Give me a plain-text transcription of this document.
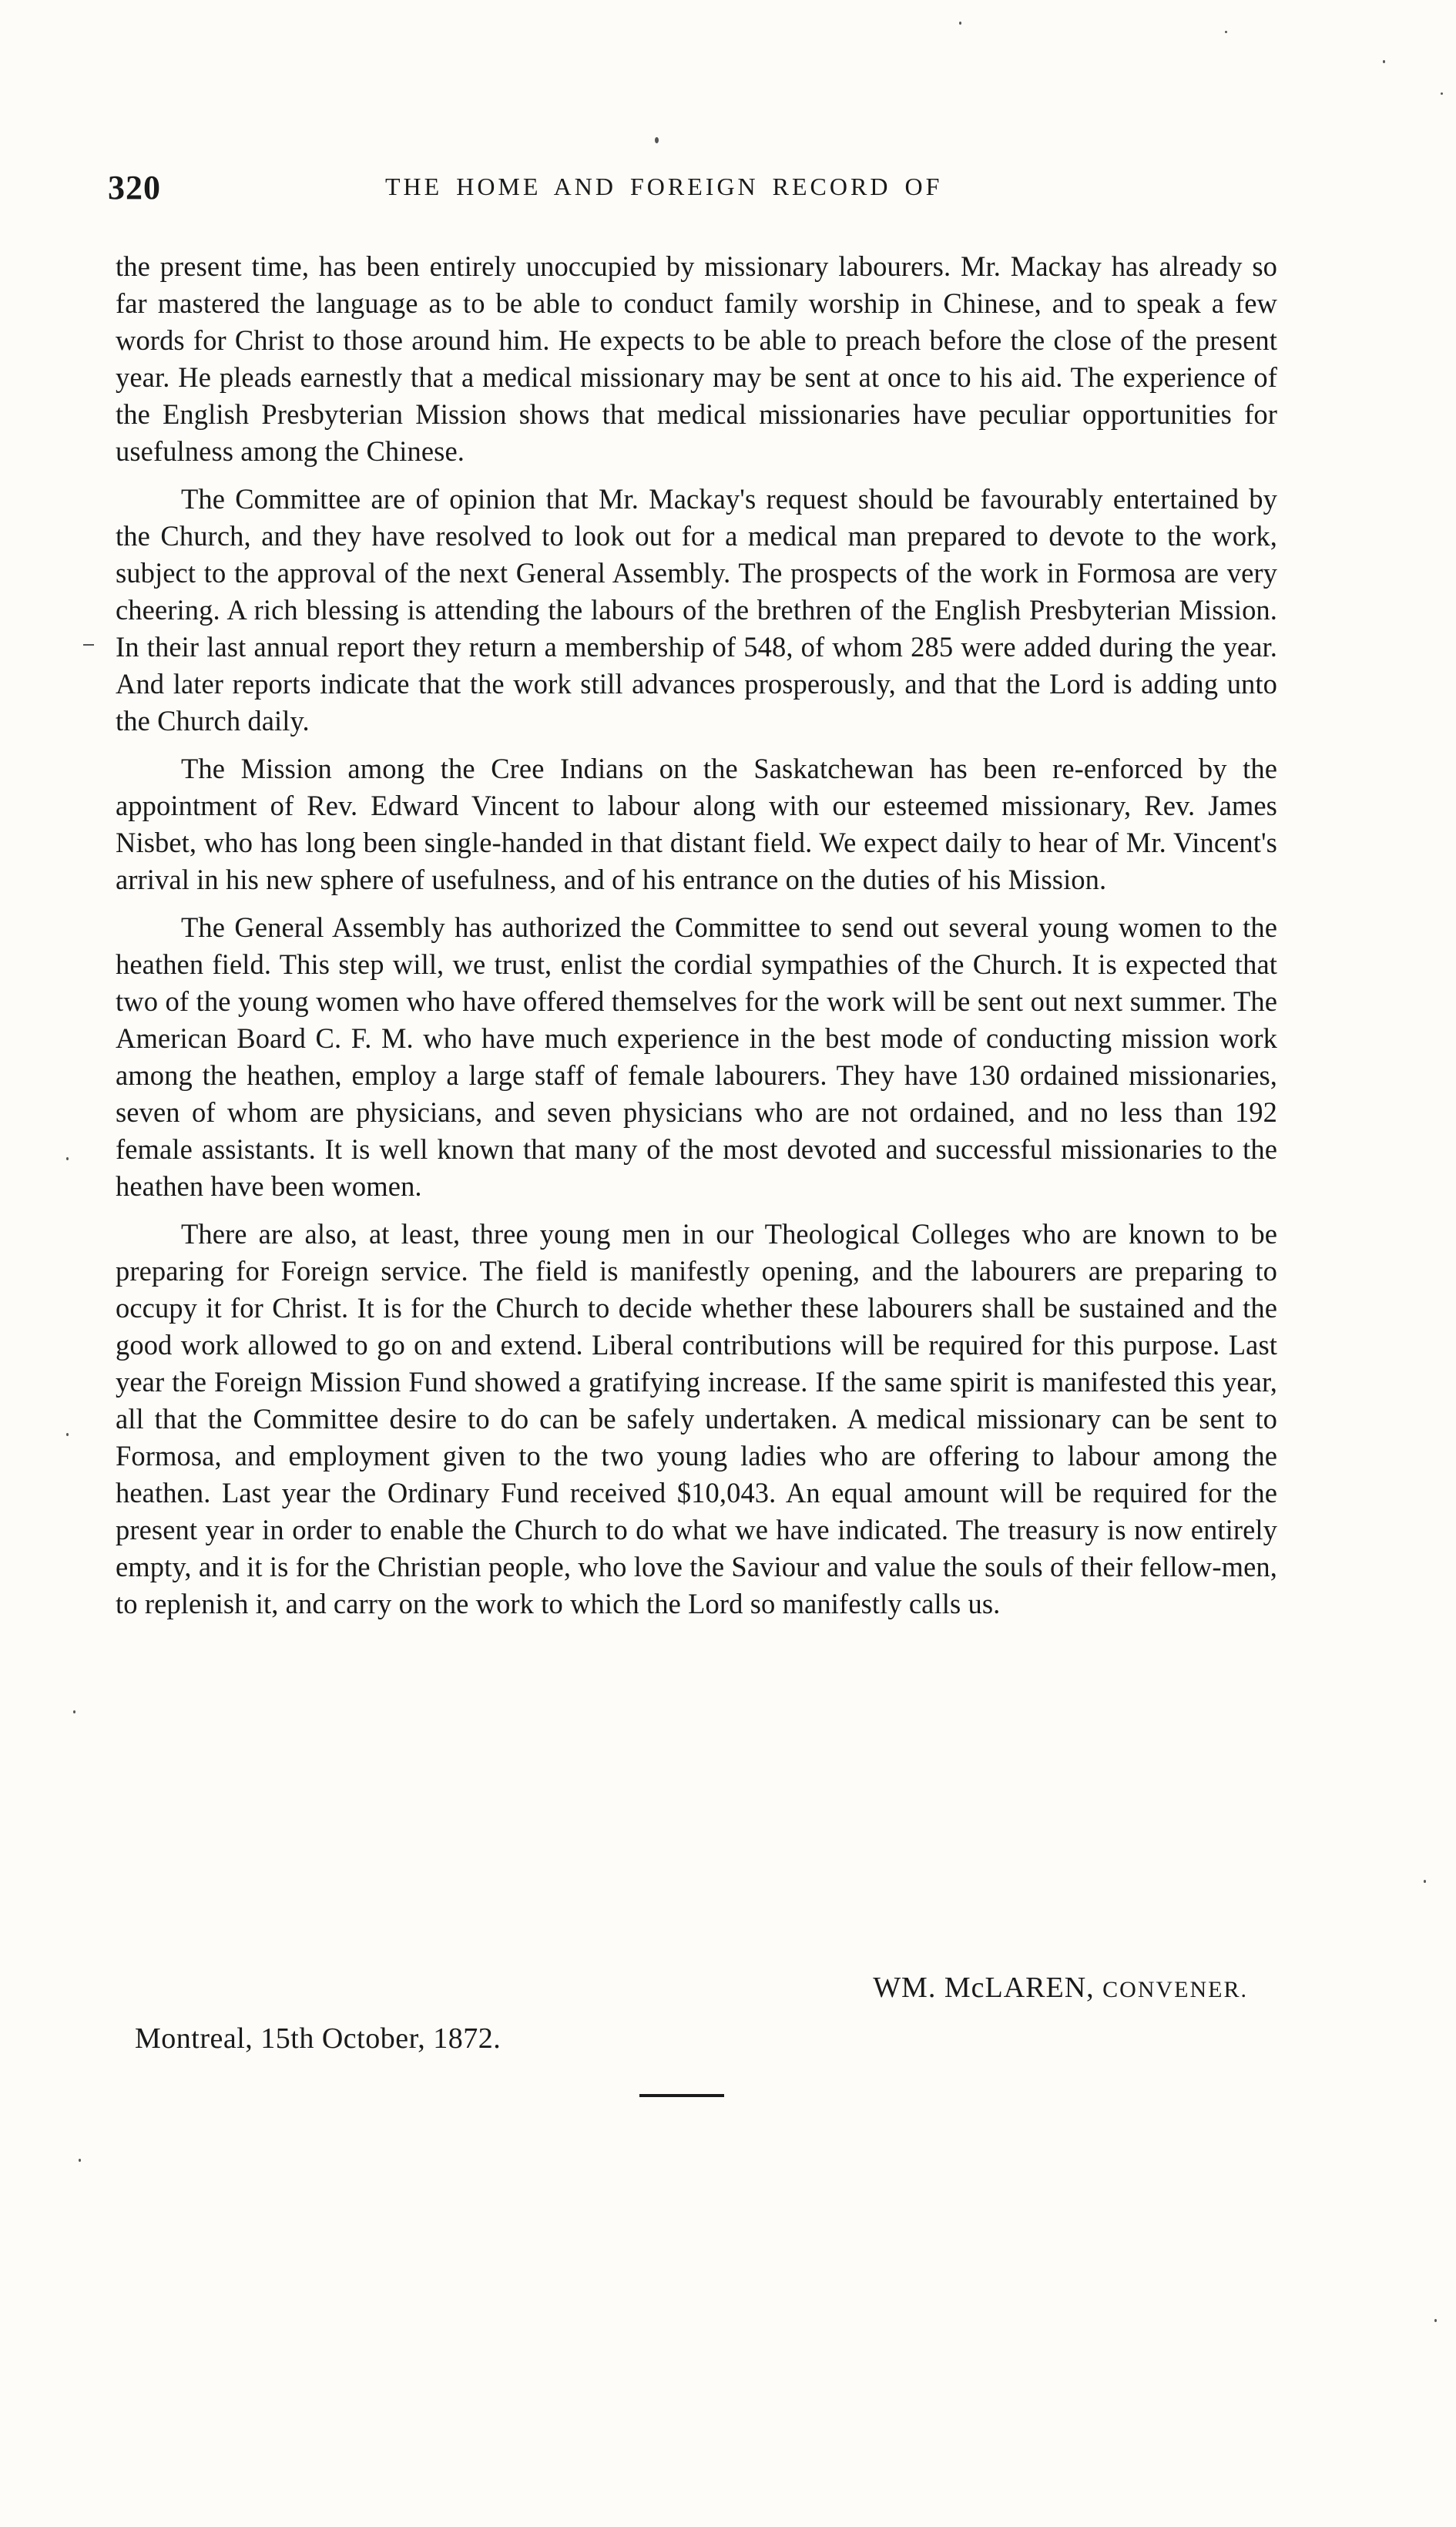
320	THE HOME AND FOREIGN RECORD OF

the present time, has been entirely unoccupied by missionary labourers. Mr. Mackay has already so far mastered the language as to be able to conduct family worship in Chinese, and to speak a few words for Christ to those around him. He expects to be able to preach before the close of the present year. He pleads earnestly that a medical missionary may be sent at once to his aid. The experience of the English Presbyterian Mission shows that medical missionaries have peculiar opportunities for usefulness among the Chinese.

The Committee are of opinion that Mr. Mackay's request should be favourably entertained by the Church, and they have resolved to look out for a medical man prepared to devote to the work, subject to the approval of the next General Assembly. The prospects of the work in Formosa are very cheering. A rich blessing is attending the labours of the brethren of the English Presbyterian Mission. In their last annual report they return a membership of 548, of whom 285 were added during the year. And later reports indicate that the work still advances prosperously, and that the Lord is adding unto the Church daily.

The Mission among the Cree Indians on the Saskatchewan has been re-enforced by the appointment of Rev. Edward Vincent to labour along with our esteemed missionary, Rev. James Nisbet, who has long been single-handed in that distant field. We expect daily to hear of Mr. Vincent's arrival in his new sphere of usefulness, and of his entrance on the duties of his Mission.

The General Assembly has authorized the Committee to send out several young women to the heathen field. This step will, we trust, enlist the cordial sympathies of the Church. It is expected that two of the young women who have offered themselves for the work will be sent out next summer. The American Board C. F. M. who have much experience in the best mode of conducting mission work among the heathen, employ a large staff of female labourers. They have 130 ordained missionaries, seven of whom are physicians, and seven physicians who are not ordained, and no less than 192 female assistants. It is well known that many of the most devoted and successful missionaries to the heathen have been women.

There are also, at least, three young men in our Theological Colleges who are known to be preparing for Foreign service. The field is manifestly opening, and the labourers are preparing to occupy it for Christ. It is for the Church to decide whether these labourers shall be sustained and the good work allowed to go on and extend. Liberal contributions will be required for this purpose. Last year the Foreign Mission Fund showed a gratifying increase. If the same spirit is manifested this year, all that the Committee desire to do can be safely undertaken. A medical missionary can be sent to Formosa, and employment given to the two young ladies who are offering to labour among the heathen. Last year the Ordinary Fund received $10,043. An equal amount will be required for the present year in order to enable the Church to do what we have indicated. The treasury is now entirely empty, and it is for the Christian people, who love the Saviour and value the souls of their fellow-men, to replenish it, and carry on the work to which the Lord so manifestly calls us.

WM. McLAREN, CONVENER.
Montreal, 15th October, 1872.
